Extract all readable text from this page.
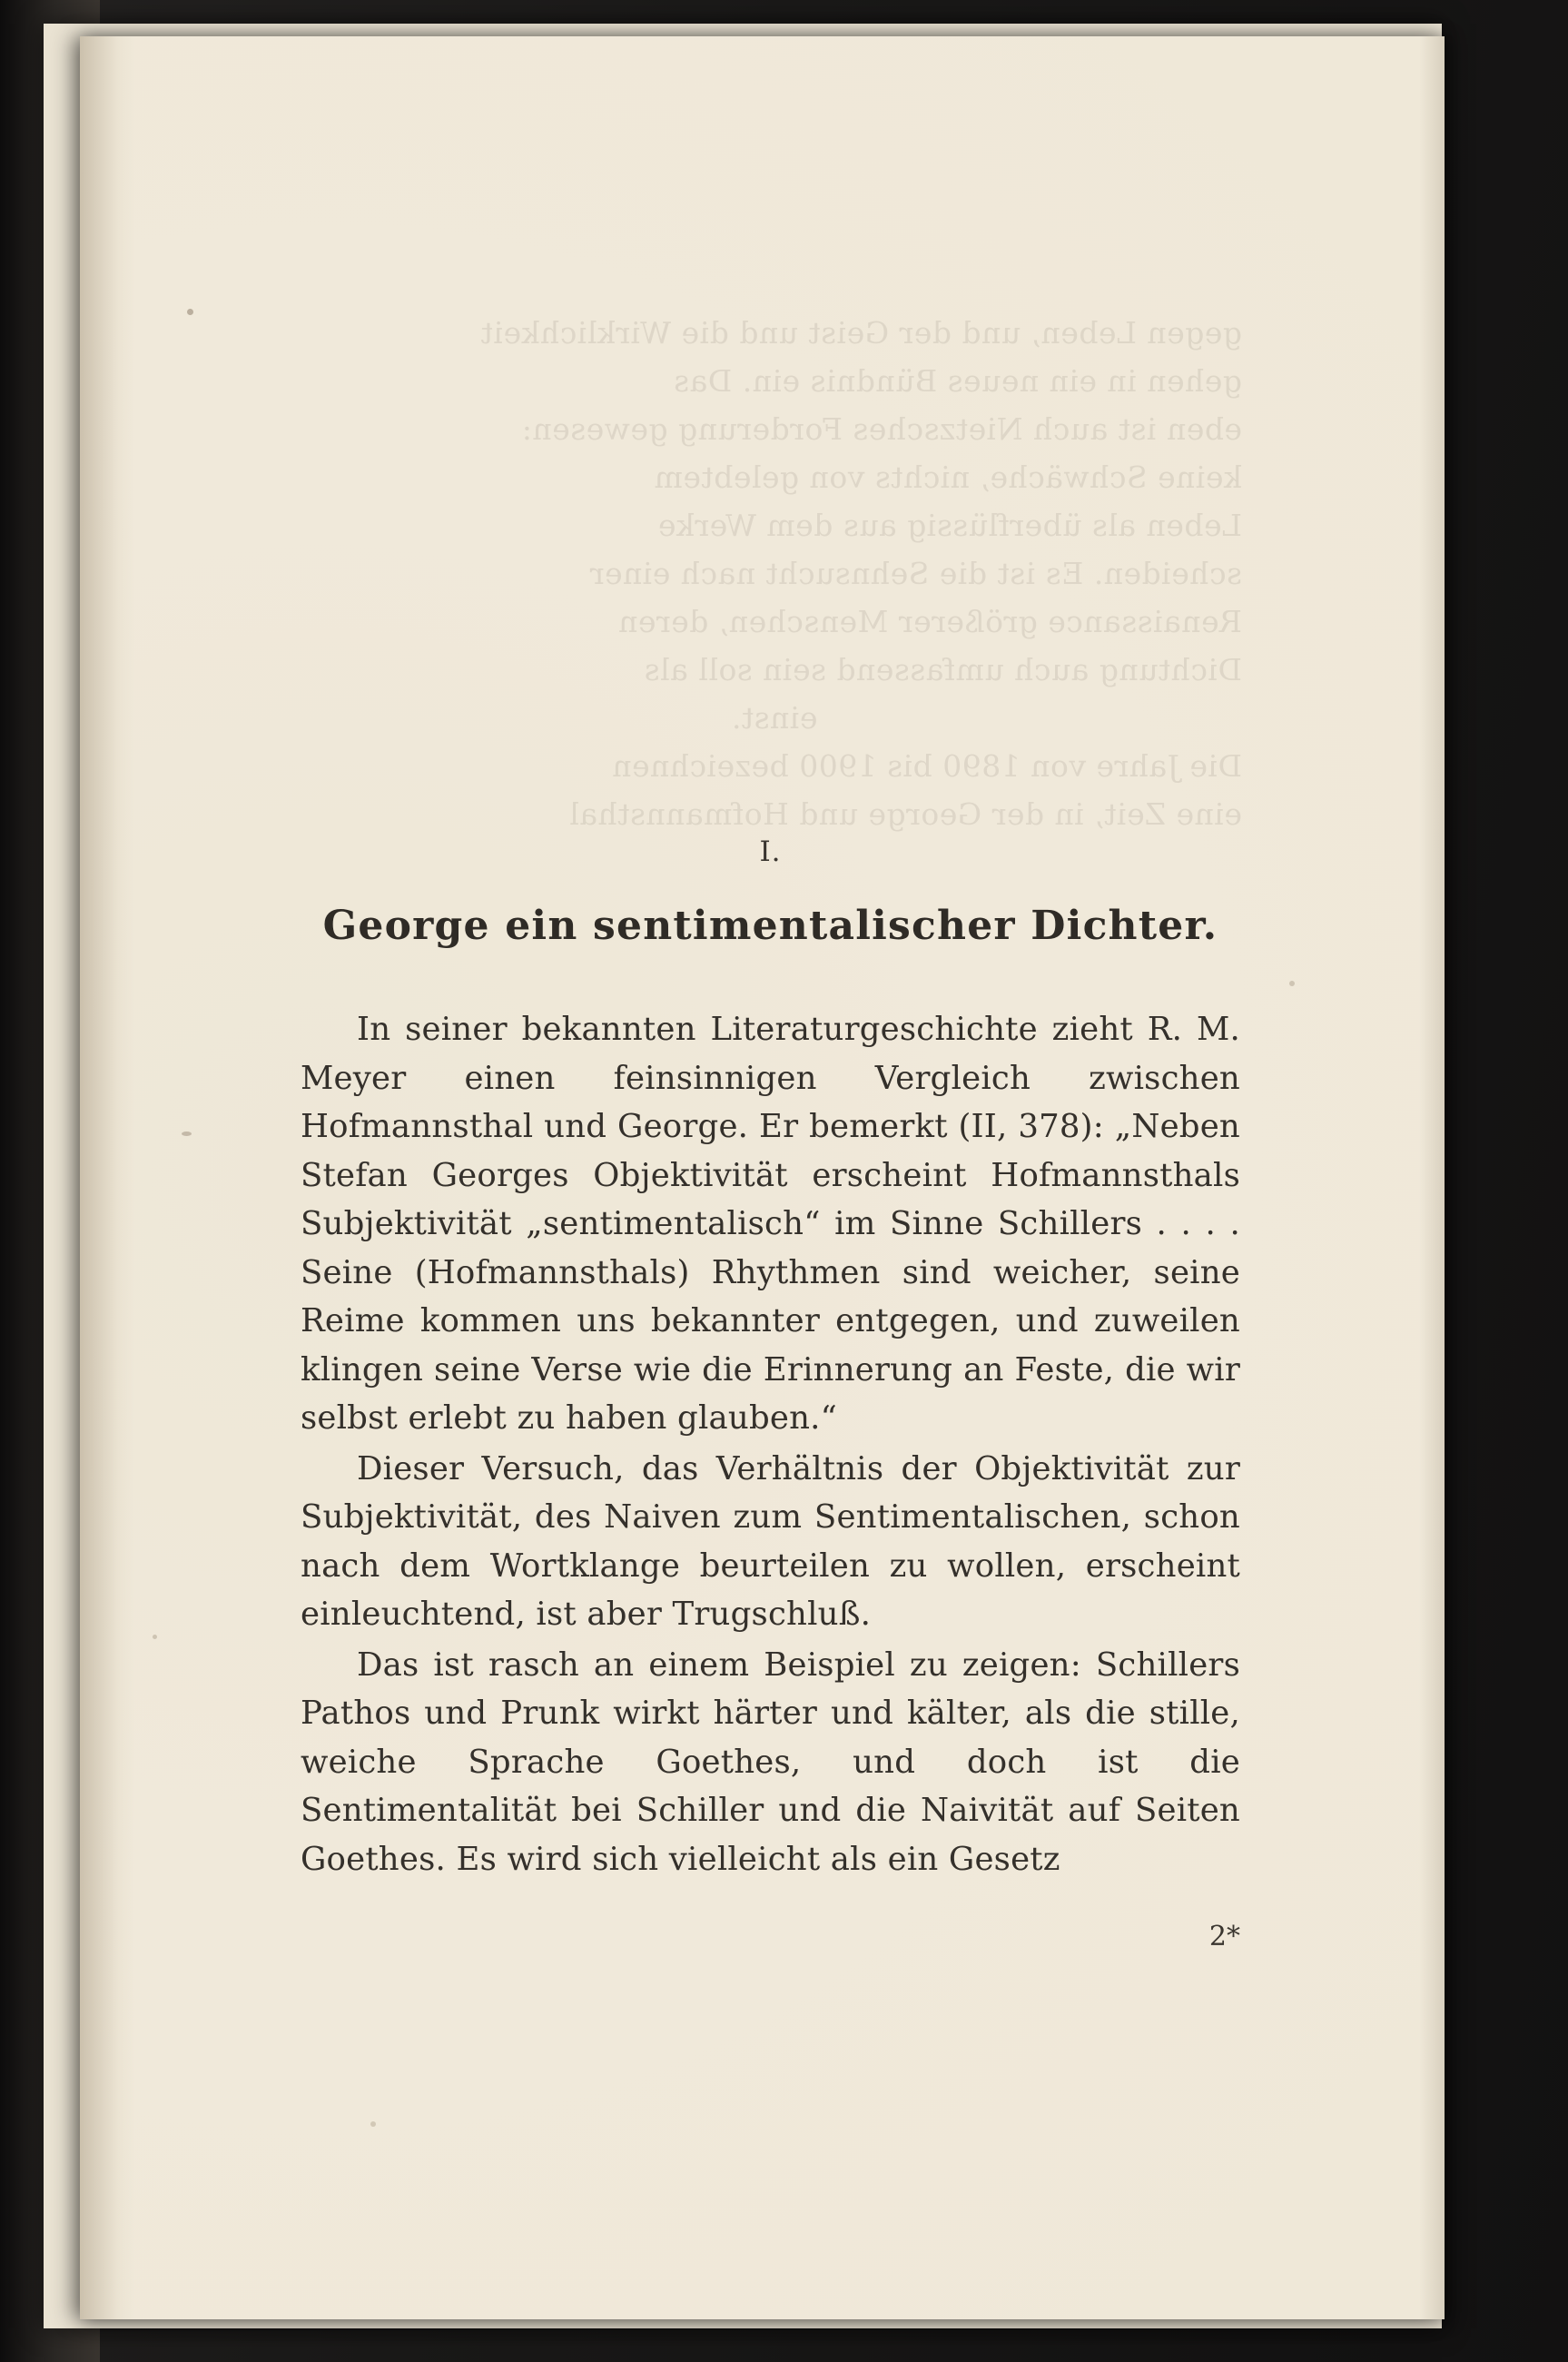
gegen Leben, und der Geist und die Wirklichkeit
gehen in ein neues Bündnis ein. Das
eben ist auch Nietzsches Forderung gewesen:
keine Schwäche, nichts von gelebtem
Leben als überflüssig aus dem Werke
scheiden. Es ist die Sehnsucht nach einer
Renaissance größerer Menschen, deren
Dichtung auch umfassend sein soll als
einst.
Die Jahre von 1890 bis 1900 bezeichnen
eine Zeit, in der George und Hofmannsthal
I.
George ein sentimentalischer Dichter.

In seiner bekannten Literaturgeschichte zieht R. M. Meyer einen feinsinnigen Vergleich zwischen Hofmannsthal und George. Er bemerkt (II, 378): „Neben Stefan Georges Objektivität erscheint Hofmannsthals Subjektivität „sentimentalisch“ im Sinne Schillers . . . . Seine (Hofmannsthals) Rhythmen sind weicher, seine Reime kommen uns bekannter entgegen, und zuweilen klingen seine Verse wie die Erinnerung an Feste, die wir selbst erlebt zu haben glauben.“

Dieser Versuch, das Verhältnis der Objektivität zur Subjektivität, des Naiven zum Sentimentalischen, schon nach dem Wortklange beurteilen zu wollen, erscheint einleuchtend, ist aber Trugschluß.

Das ist rasch an einem Beispiel zu zeigen: Schillers Pathos und Prunk wirkt härter und kälter, als die stille, weiche Sprache Goethes, und doch ist die Sentimentalität bei Schiller und die Naivität auf Seiten Goethes. Es wird sich vielleicht als ein Gesetz

2*
